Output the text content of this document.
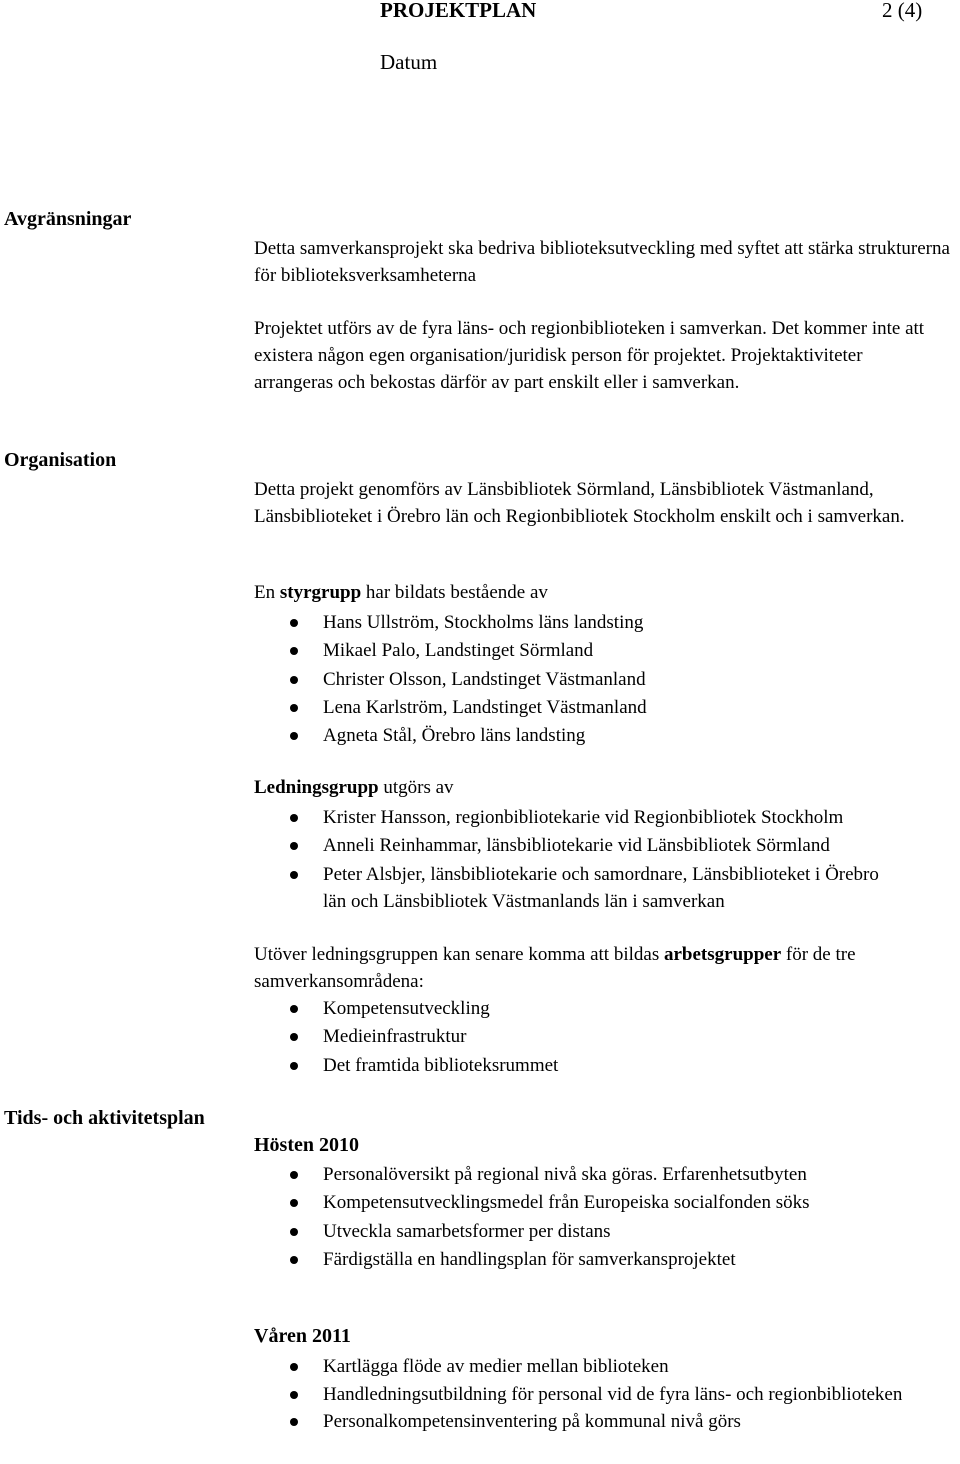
PROJEKTPLAN	2 (4)
Datum
Avgränsningar
Detta samverkansprojekt ska bedriva biblioteksutveckling med syftet att stärka strukturerna för biblioteksverksamheterna
Projektet utförs av de fyra läns- och regionbiblioteken i samverkan. Det kommer inte att existera någon egen organisation/juridisk person för projektet. Projektaktiviteter arrangeras och bekostas därför av part enskilt eller i samverkan.
Organisation
Detta projekt genomförs av Länsbibliotek Sörmland, Länsbibliotek Västmanland, Länsbiblioteket i Örebro län och Regionbibliotek Stockholm enskilt och i samverkan.
En styrgrupp har bildats bestående av
Hans Ullström, Stockholms läns landsting
Mikael Palo, Landstinget Sörmland
Christer Olsson, Landstinget Västmanland
Lena Karlström, Landstinget Västmanland
Agneta Stål, Örebro läns landsting
Ledningsgrupp utgörs av
Krister Hansson, regionbibliotekarie vid Regionbibliotek Stockholm
Anneli Reinhammar, länsbibliotekarie vid Länsbibliotek Sörmland
Peter Alsbjer, länsbibliotekarie och samordnare, Länsbiblioteket i Örebro län och Länsbibliotek Västmanlands län i samverkan
Utöver ledningsgruppen kan senare komma att bildas arbetsgrupper för de tre samverkansområdena:
Kompetensutveckling
Medieinfrastruktur
Det framtida biblioteksrummet
Tids- och aktivitetsplan
Hösten 2010
Personalöversikt på regional nivå ska göras. Erfarenhetsutbyten
Kompetensutvecklingsmedel från Europeiska socialfonden söks
Utveckla samarbetsformer per distans
Färdigställa en handlingsplan för samverkansprojektet
Våren 2011
Kartlägga flöde av medier mellan biblioteken
Handledningsutbildning för personal vid de fyra läns- och regionbiblioteken
Personalkompetensinventering på kommunal nivå görs
